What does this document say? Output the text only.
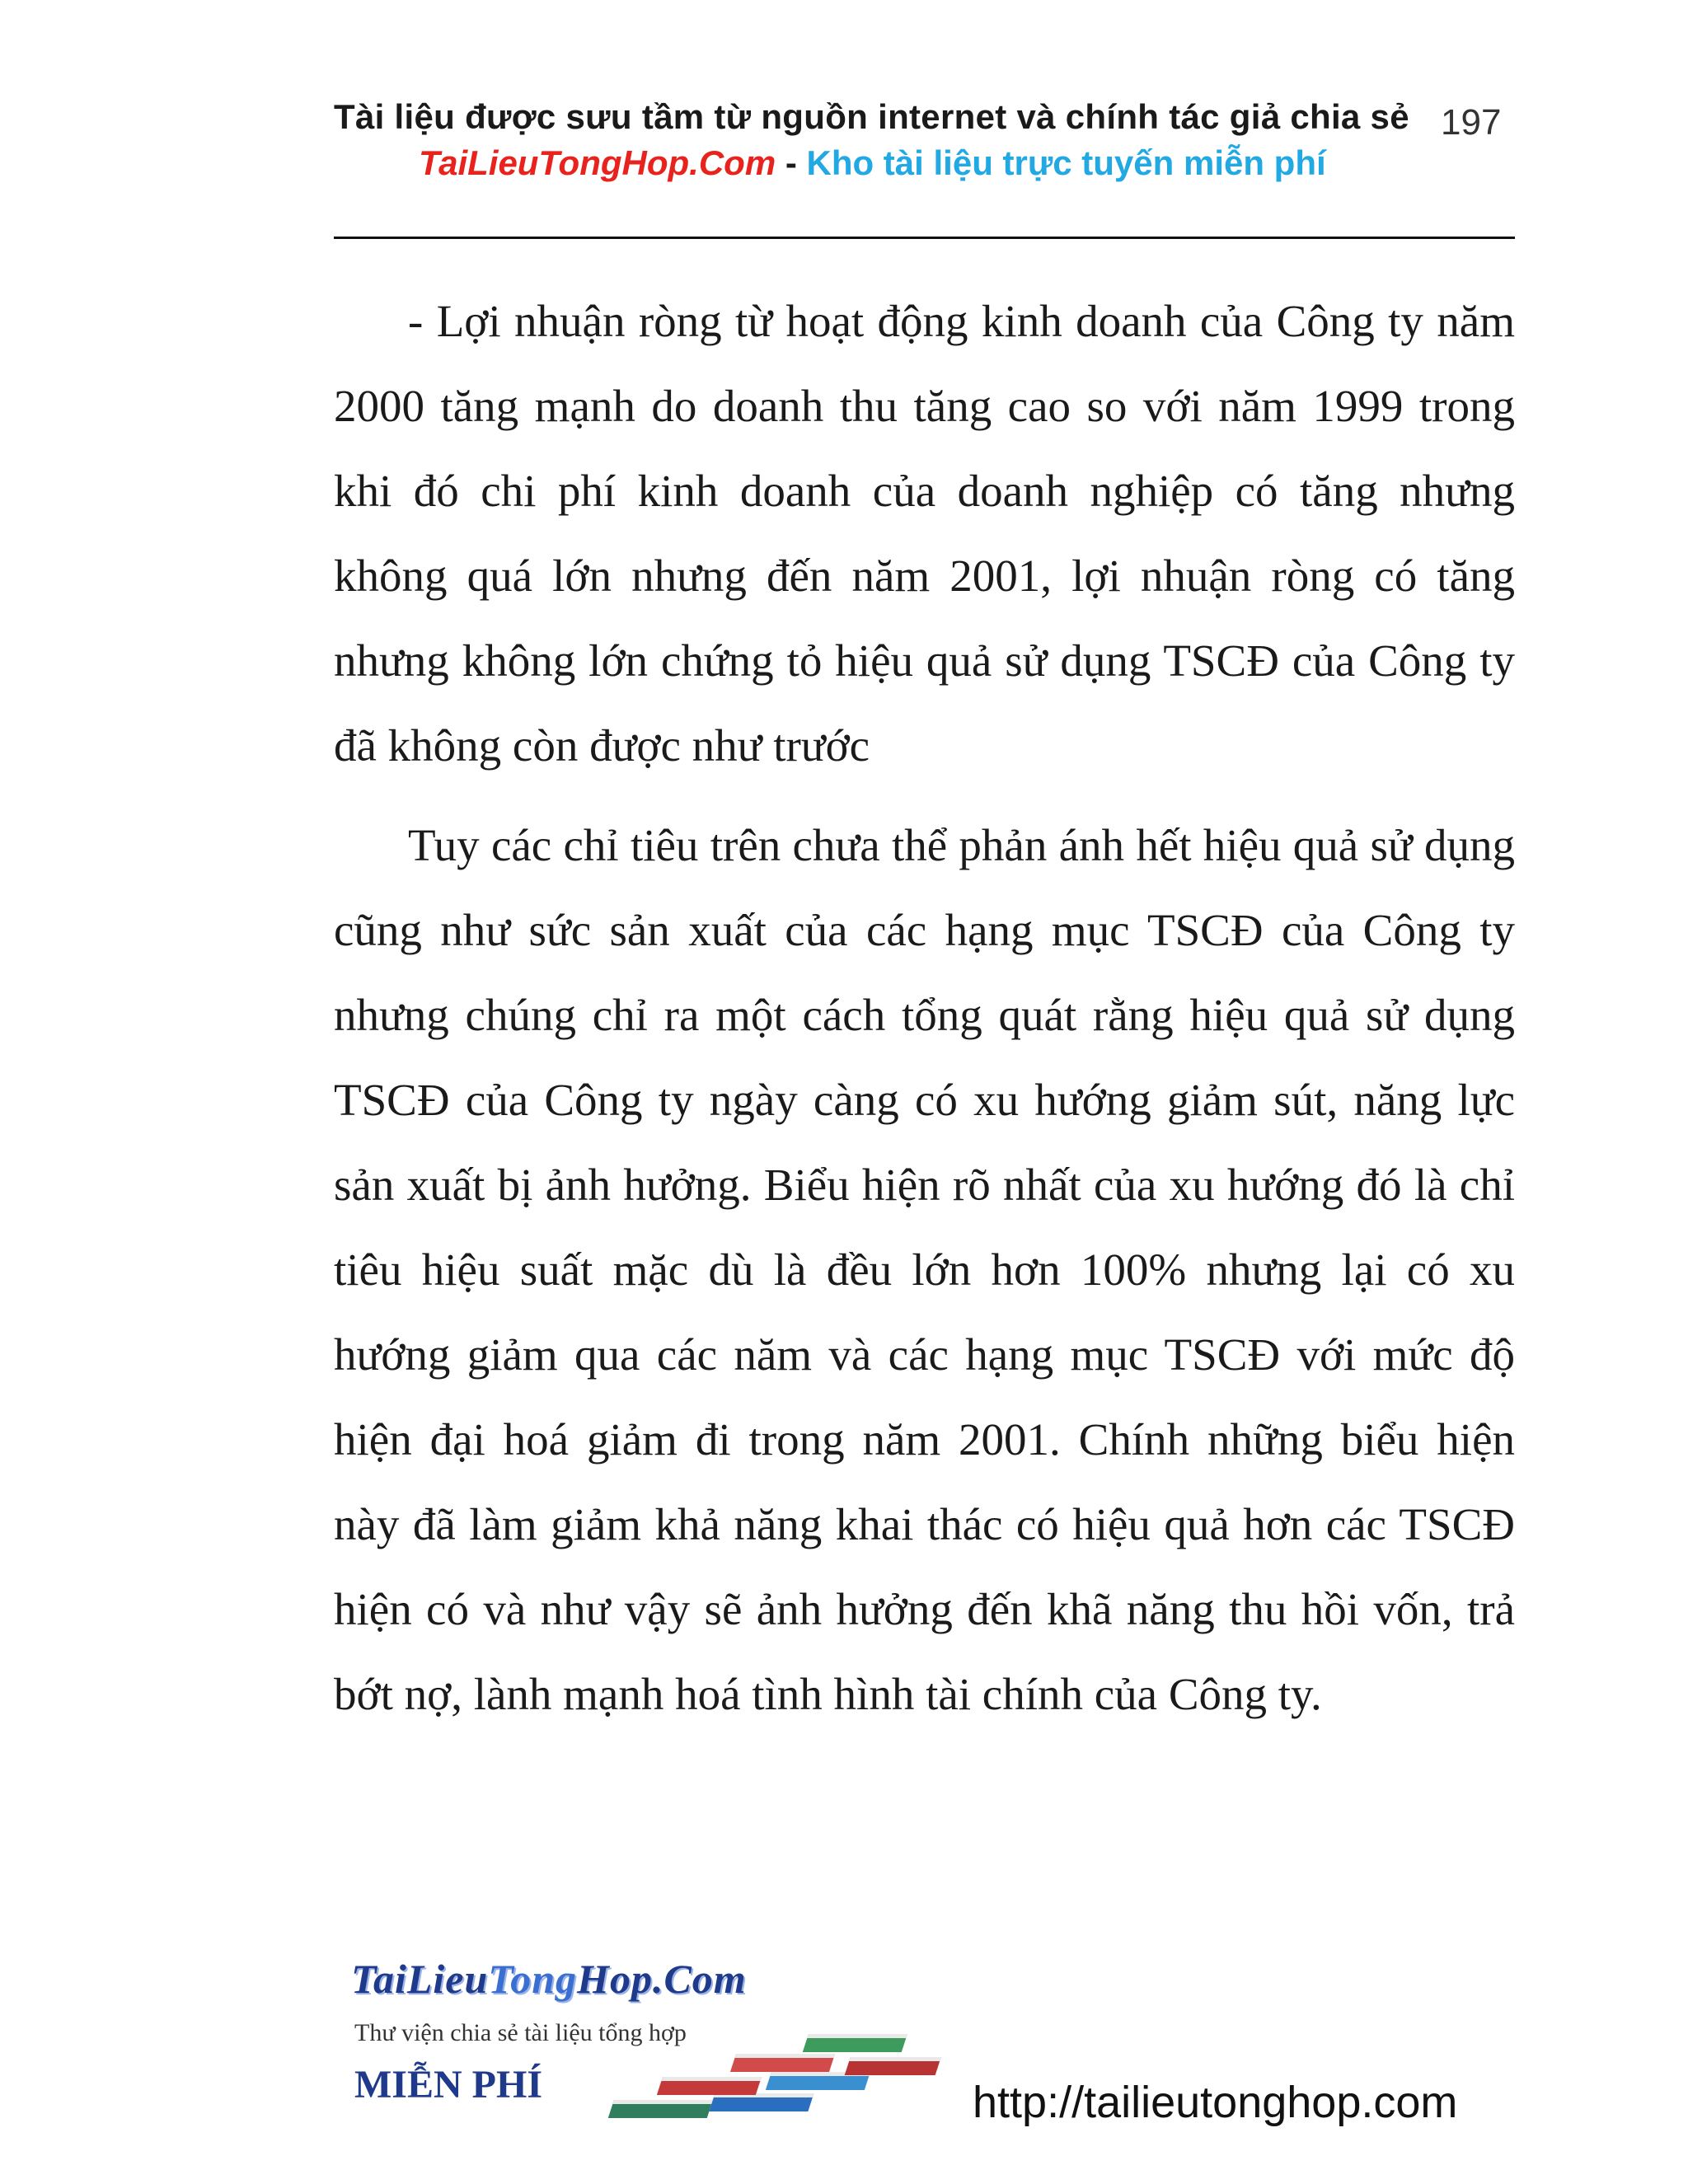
Tài liệu được sưu tầm từ nguồn internet và chính tác giả chia sẻ 197
TaiLieuTongHop.Com - Kho tài liệu trực tuyến miễn phí

- Lợi nhuận ròng từ hoạt động kinh doanh của Công ty năm 2000 tăng mạnh do doanh thu tăng cao so với năm 1999 trong khi đó chi phí kinh doanh của doanh nghiệp có tăng nhưng không quá lớn nhưng đến năm 2001, lợi nhuận ròng có tăng nhưng không lớn chứng tỏ hiệu quả sử dụng TSCĐ của Công ty đã không còn được như trước

Tuy các chỉ tiêu trên chưa thể phản ánh hết hiệu quả sử dụng cũng như sức sản xuất của các hạng mục TSCĐ của Công ty nhưng chúng chỉ ra một cách tổng quát rằng hiệu quả sử dụng TSCĐ của Công ty ngày càng có xu hướng giảm sút, năng lực sản xuất bị ảnh hưởng. Biểu hiện rõ nhất của xu hướng đó là chỉ tiêu hiệu suất mặc dù là đều lớn hơn 100% nhưng lại có xu hướng giảm qua các năm và các hạng mục TSCĐ với mức độ hiện đại hoá giảm đi trong năm 2001. Chính những biểu hiện này đã làm giảm khả năng khai thác có hiệu quả hơn các TSCĐ hiện có và như vậy sẽ ảnh hưởng đến khã năng thu hồi vốn, trả bớt nợ, lành mạnh hoá tình hình tài chính của Công ty.

TaiLieuTongHop.Com
Thư viện chia sẻ tài liệu tổng hợp
MIỄN PHÍ	http://tailieutonghop.com
